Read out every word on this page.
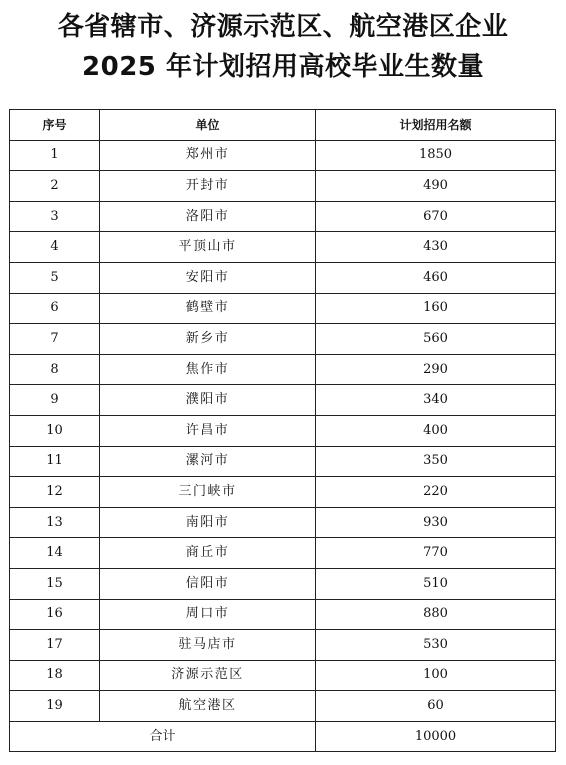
各省辖市、济源示范区、航空港区企业
2025 年计划招用高校毕业生数量
序号	单位	计划招用名额
1	郑州市	1850
2	开封市	490
3	洛阳市	670
4	平顶山市	430
5	安阳市	460
6	鹤壁市	160
7	新乡市	560
8	焦作市	290
9	濮阳市	340
10	许昌市	400
11	漯河市	350
12	三门峡市	220
13	南阳市	930
14	商丘市	770
15	信阳市	510
16	周口市	880
17	驻马店市	530
18	济源示范区	100
19	航空港区	60
合计		10000
